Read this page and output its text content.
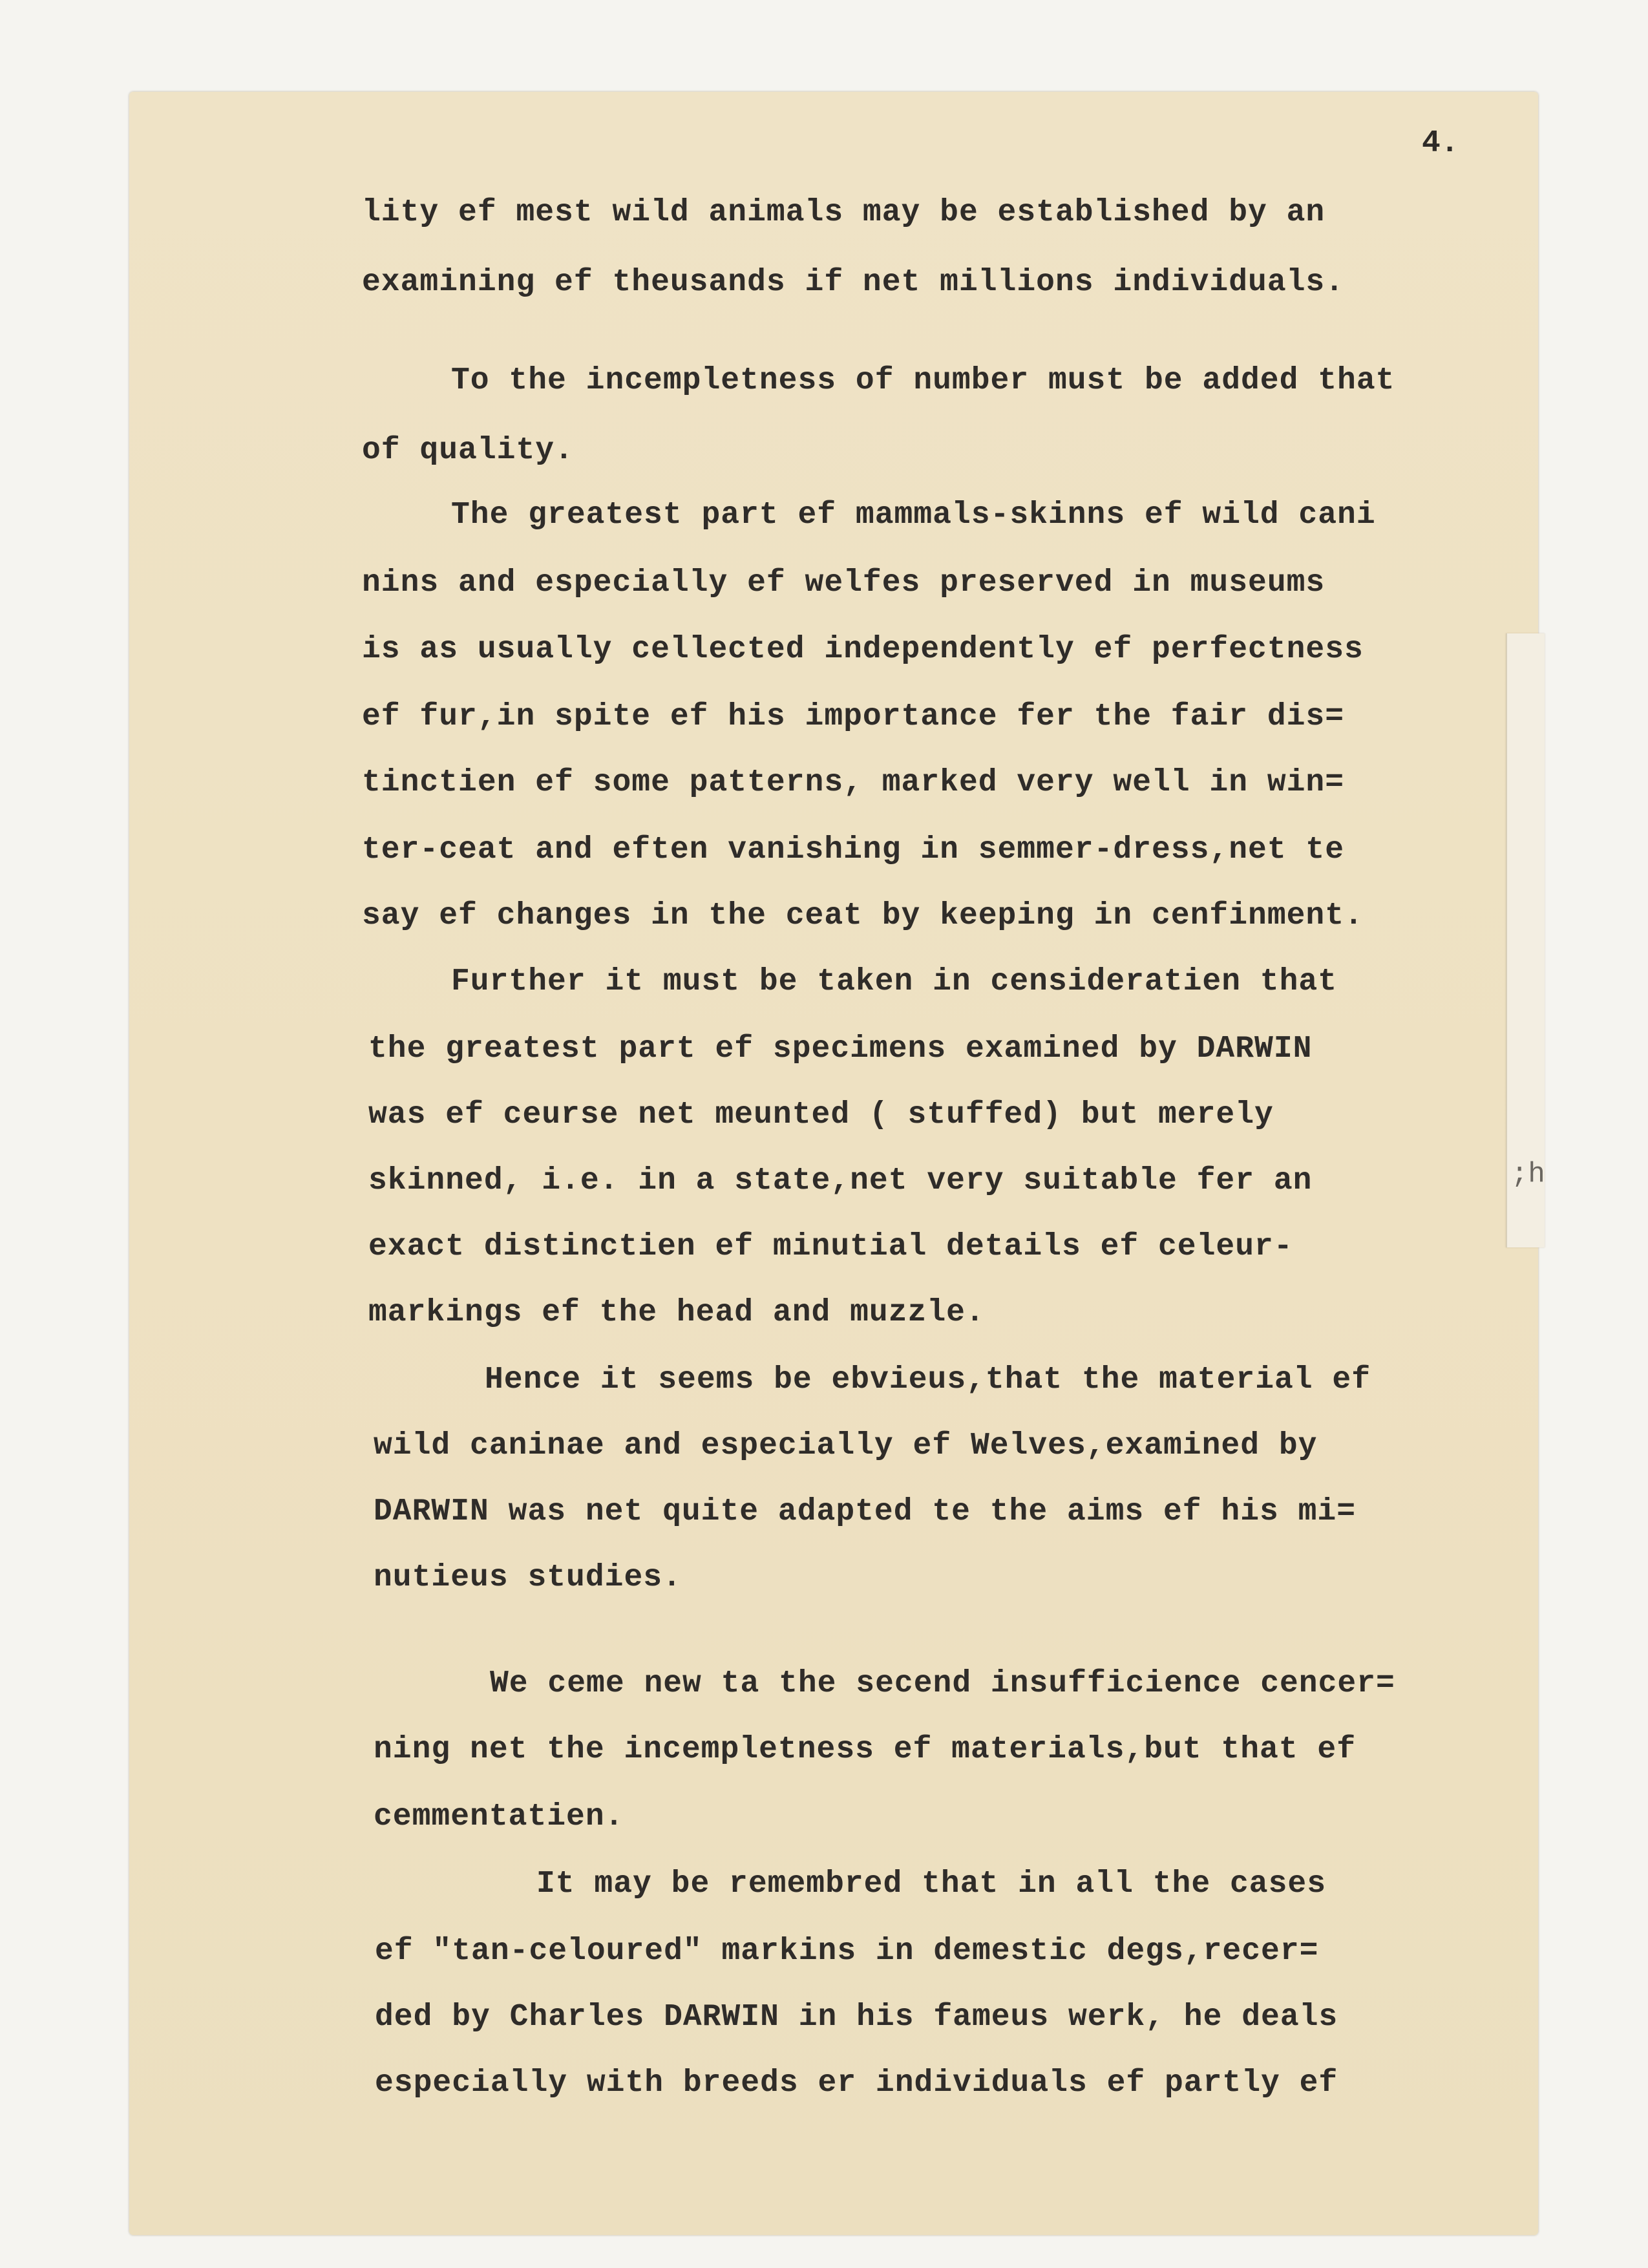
;h
4.
lity ef mest wild animals may be established by an
examining ef theusands if net millions individuals.
To the incempletness of number must be added that
of quality.
The greatest part ef mammals-skinns ef wild cani
nins and especially ef welfes preserved in museums
is as usually cellected independently ef perfectness
ef fur,in spite ef his importance fer the fair dis=
tinctien ef some patterns, marked very well in win=
ter-ceat and eften vanishing in semmer-dress,net te
say ef changes in the ceat by keeping in cenfinment.
Further it must be taken in censideratien that
the greatest part ef specimens examined by DARWIN
was ef ceurse net meunted ( stuffed) but merely
skinned, i.e. in a state,net very suitable fer an
exact distinctien ef minutial details ef celeur-
markings ef the head and muzzle.
Hence it seems be ebvieus,that the material ef
wild caninae and especially ef Welves,examined by
DARWIN was net quite adapted te the aims ef his mi=
nutieus studies.
We ceme new ta the secend insufficience cencer=
ning net the incempletness ef materials,but that ef
cemmentatien.
It may be remembred that in all the cases
ef "tan-celoured" markins in demestic degs,recer=
ded by Charles DARWIN in his fameus werk, he deals
especially with breeds er individuals ef partly ef
